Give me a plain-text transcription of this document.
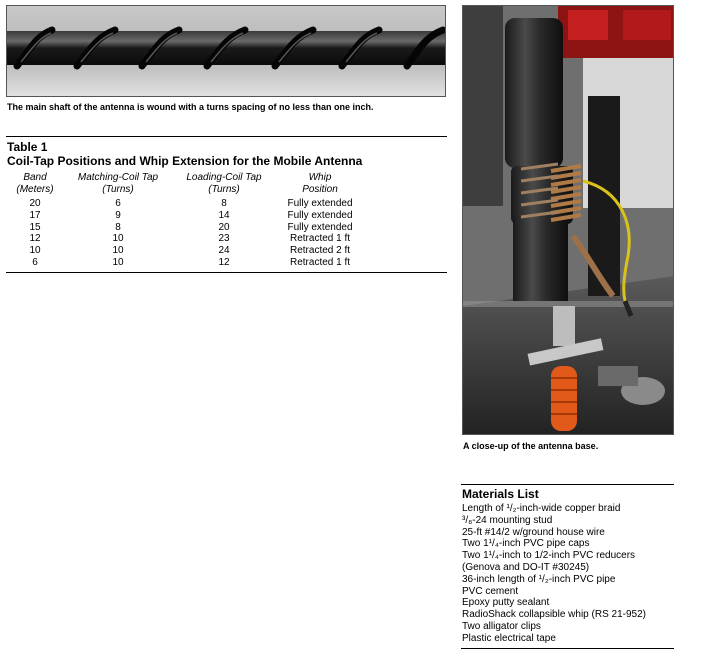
The main shaft of the antenna is wound with a turns spacing of no less than one inch.
Table 1
Coil-Tap Positions and Whip Extension for the Mobile Antenna
Band
(Meters)
Matching-Coil Tap
(Turns)
Loading-Coil Tap
(Turns)
Whip
Position
20
17
15
12
10
6
6
9
8
10
10
10
8
14
20
23
24
12
Fully extended
Fully extended
Fully extended
Retracted 1 ft
Retracted 2 ft
Retracted 1 ft
A close-up of the antenna base.
Materials List
Length of ¹/₂-inch-wide copper braid
³/₈-24 mounting stud
25-ft #14/2 w/ground house wire
Two 1¹/₄-inch PVC pipe caps
Two 1¹/₄-inch to 1/2-inch PVC reducers
(Genova and DO-IT #30245)
36-inch length of ¹/₂-inch PVC pipe
PVC cement
Epoxy putty sealant
RadioShack collapsible whip (RS 21-952)
Two alligator clips
Plastic electrical tape
